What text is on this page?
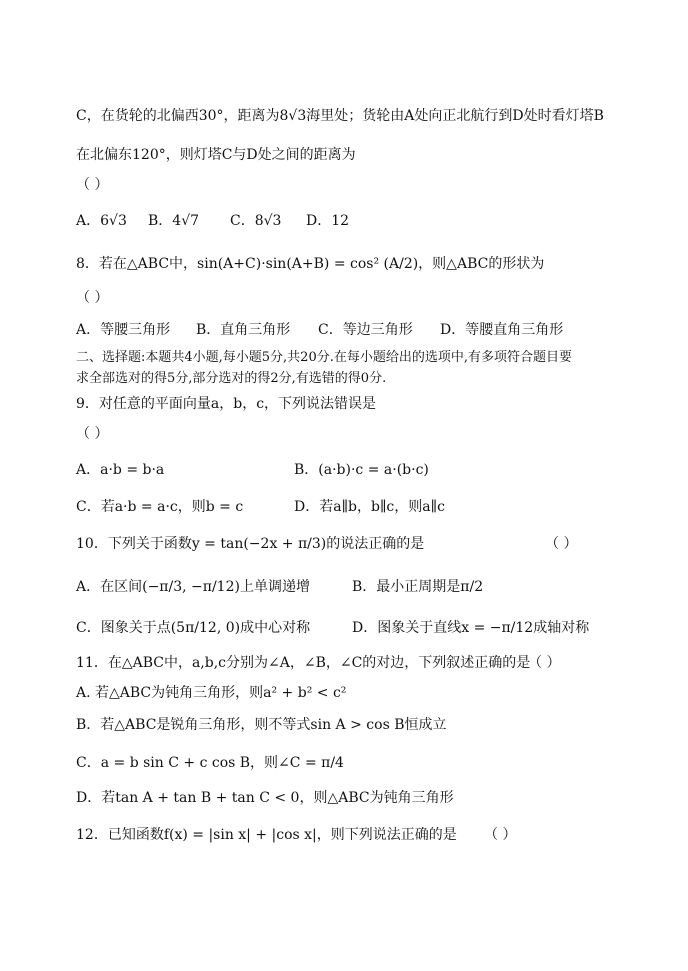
C，在货轮的北偏西30°，距离为8√3海里处；货轮由A处向正北航行到D处时看灯塔B
在北偏东120°，则灯塔C与D处之间的距离为
（ ）
A．6√3 B．4√7 C．8√3 D．12
8．若在△ABC中，sin(A+C)·sin(A+B) = cos² (A/2)，则△ABC的形状为
（ ）
A．等腰三角形 B．直角三角形 C．等边三角形 D．等腰直角三角形
二、选择题:本题共4小题,每小题5分,共20分.在每小题给出的选项中,有多项符合题目要
求全部选对的得5分,部分选对的得2分,有选错的得0分.
9．对任意的平面向量a，b，c，下列说法错误是
（ ）
A．a·b = b·a	B．(a·b)·c = a·(b·c)
C．若a·b = a·c，则b = c	D．若a∥b，b∥c，则a∥c
10．下列关于函数y = tan(−2x + π/3)的说法正确的是	（ ）
A．在区间(−π/3, −π/12)上单调递增	B．最小正周期是π/2
C．图象关于点(5π/12, 0)成中心对称	D．图象关于直线x = −π/12成轴对称
11．在△ABC中，a,b,c分别为∠A，∠B，∠C的对边，下列叙述正确的是
（ ）
A. 若△ABC为钝角三角形，则a² + b² < c²
B．若△ABC是锐角三角形，则不等式sin A > cos B恒成立
C．a = b sin C + c cos B，则∠C = π/4
D．若tan A + tan B + tan C < 0，则△ABC为钝角三角形
12．已知函数f(x) = |sin x| + |cos x|，则下列说法正确的是	（ ）
